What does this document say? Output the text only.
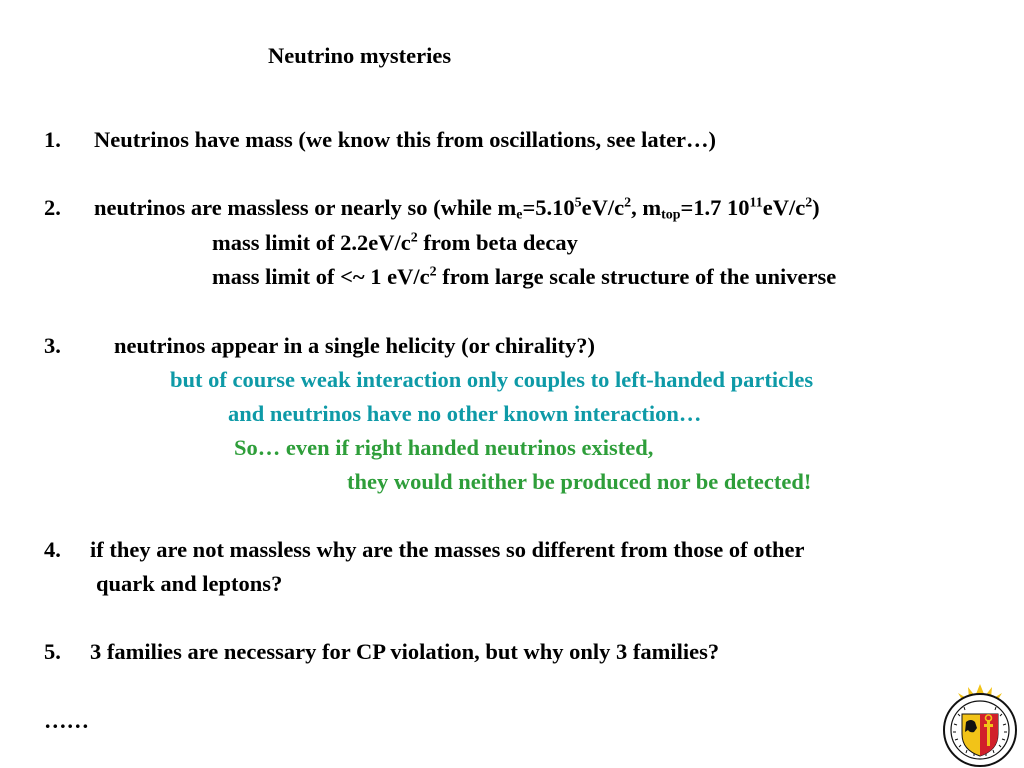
Neutrino mysteries
1. Neutrinos have mass (we know this from oscillations, see later…)
2. neutrinos are massless or nearly so (while $m_e=5.10^5eV/c^2$, $m_{top}=1.7$ $10^{11}eV/c^2$)
mass limit of $2.2eV/c^2$ from beta decay
mass limit of <~ 1 $eV/c^2$ from large scale structure of the universe
3. neutrinos appear in a single helicity (or chirality?)
but of course weak interaction only couples to left-handed particles
and neutrinos have no other known interaction…
So… even if right handed neutrinos existed,
they would neither be produced nor be detected!
4. if they are not massless why are the masses so different from those of other
quark and leptons?
5. 3 families are necessary for CP violation, but why only 3 families?
……
